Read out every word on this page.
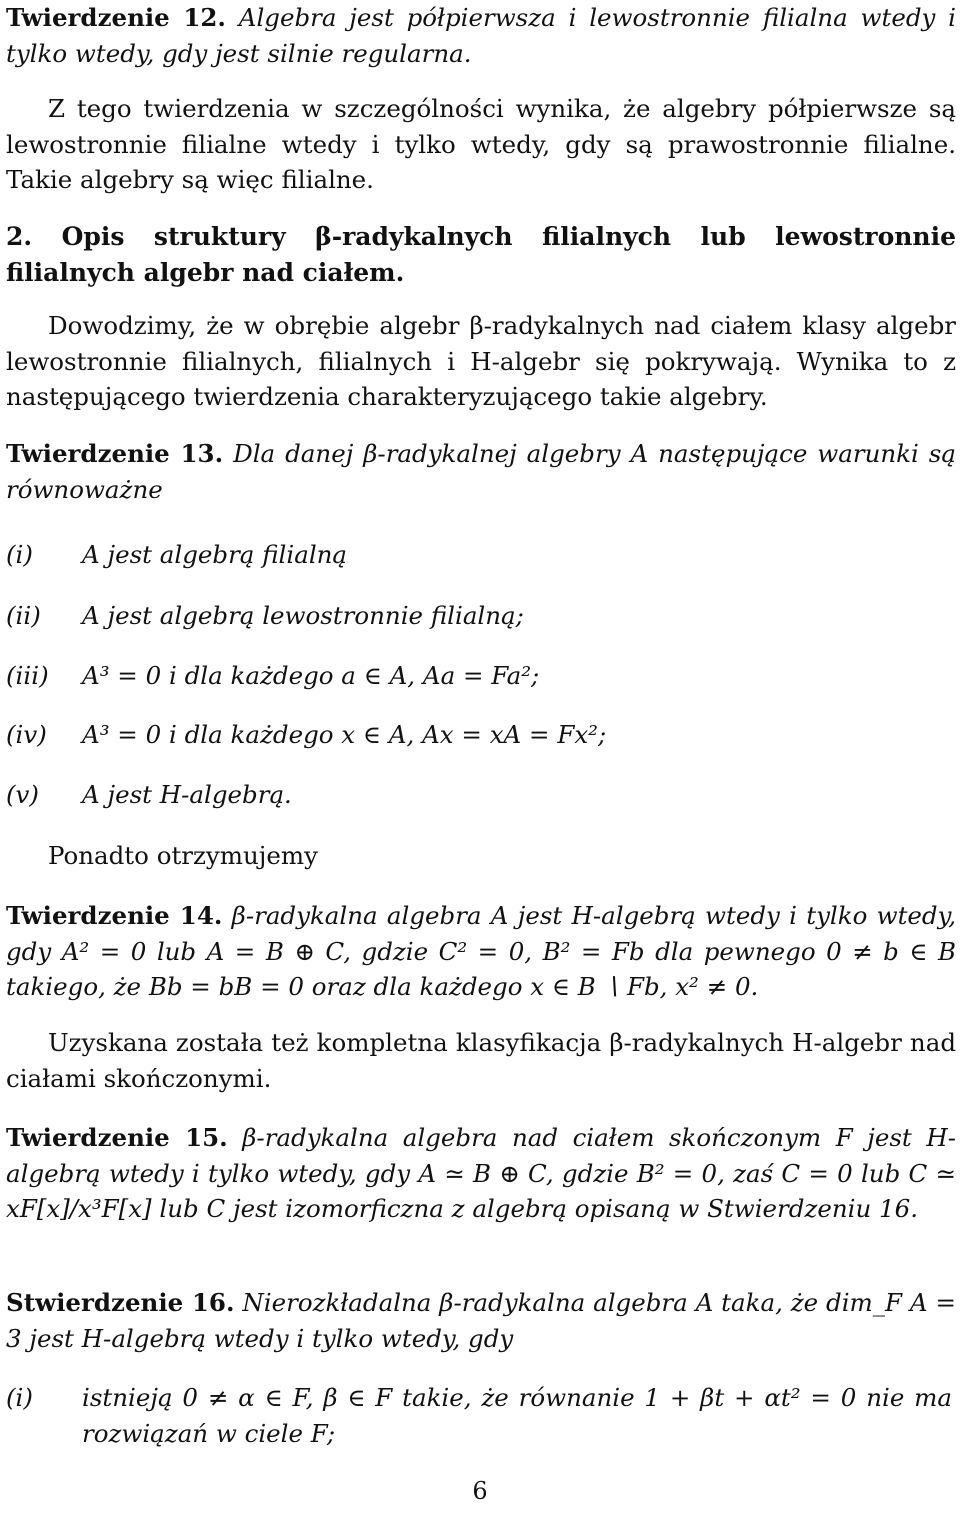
Twierdzenie 12. Algebra jest półpierwsza i lewostronnie filialna wtedy i tylko wtedy, gdy jest silnie regularna.

Z tego twierdzenia w szczególności wynika, że algebry półpierwsze są lewostronnie filialne wtedy i tylko wtedy, gdy są prawostronnie filialne. Takie algebry są więc filialne.

2. Opis struktury β-radykalnych filialnych lub lewostronnie filialnych algebr nad ciałem.

Dowodzimy, że w obrębie algebr β-radykalnych nad ciałem klasy algebr lewostronnie filialnych, filialnych i H-algebr się pokrywają. Wynika to z następującego twierdzenia charakteryzującego takie algebry.

Twierdzenie 13. Dla danej β-radykalnej algebry A następujące warunki są równoważne
(i) A jest algebrą filialną
(ii) A jest algebrą lewostronnie filialną;
(iii) A³ = 0 i dla każdego a ∈ A, Aa = Fa²;
(iv) A³ = 0 i dla każdego x ∈ A, Ax = xA = Fx²;
(v) A jest H-algebrą.

Ponadto otrzymujemy

Twierdzenie 14. β-radykalna algebra A jest H-algebrą wtedy i tylko wtedy, gdy A² = 0 lub A = B ⊕ C, gdzie C² = 0, B² = Fb dla pewnego 0 ≠ b ∈ B takiego, że Bb = bB = 0 oraz dla każdego x ∈ B ∖ Fb, x² ≠ 0.

Uzyskana została też kompletna klasyfikacja β-radykalnych H-algebr nad ciałami skończonymi.

Twierdzenie 15. β-radykalna algebra nad ciałem skończonym F jest H-algebrą wtedy i tylko wtedy, gdy A ≃ B ⊕ C, gdzie B² = 0, zaś C = 0 lub C ≃ xF[x]/x³F[x] lub C jest izomorficzna z algebrą opisaną w Stwierdzeniu 16.
Stwierdzenie 16. Nierozkładalna β-radykalna algebra A taka, że dim_F A = 3 jest H-algebrą wtedy i tylko wtedy, gdy
(i) istnieją 0 ≠ α ∈ F, β ∈ F takie, że równanie 1 + βt + αt² = 0 nie ma rozwiązań w ciele F;
6
